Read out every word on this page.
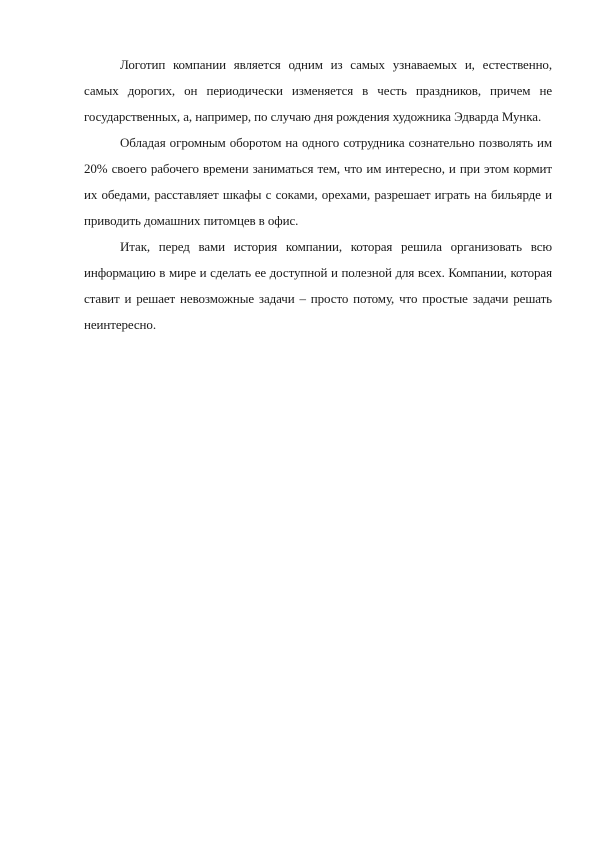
Логотип компании является одним из самых узнаваемых и, естественно, самых дорогих, он периодически изменяется в честь праздников, причем не государственных, а, например, по случаю дня рождения художника Эдварда Мунка.

Обладая огромным оборотом на одного сотрудника сознательно позволять им 20% своего рабочего времени заниматься тем, что им интересно, и при этом кормит их обедами, расставляет шкафы с соками, орехами, разрешает играть на бильярде и приводить домашних питомцев в офис.

Итак, перед вами история компании, которая решила организовать всю информацию в мире и сделать ее доступной и полезной для всех. Компании, которая ставит и решает невозможные задачи – просто потому, что простые задачи решать неинтересно.
